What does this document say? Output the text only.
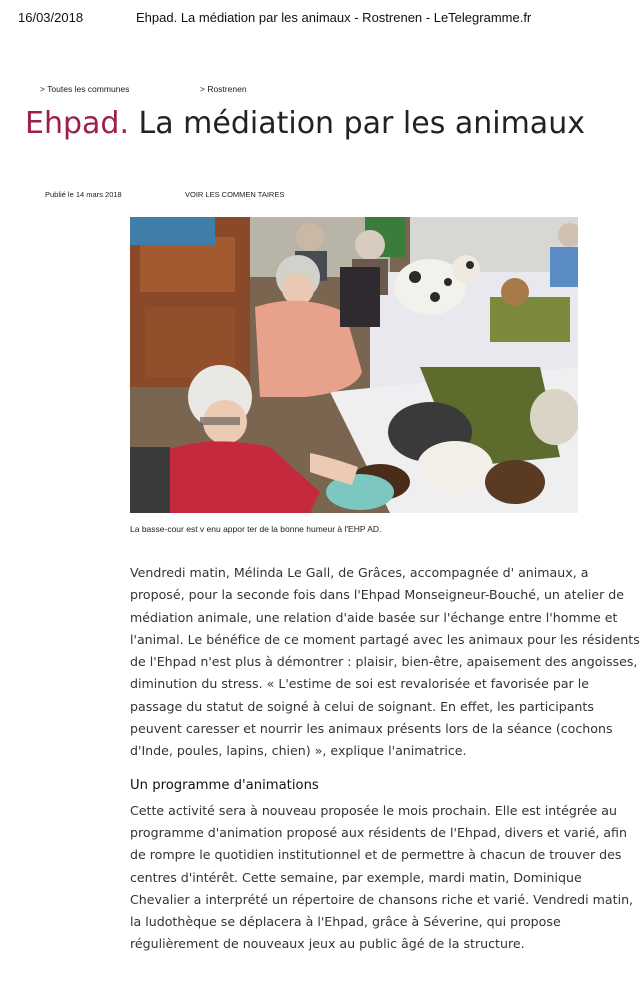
16/03/2018	Ehpad. La médiation par les animaux - Rostrenen - LeTelegramme.fr
> Toutes les communes	> Rostrenen
Ehpad. La médiation par les animaux
Publié le 14 mars 2018	VOIR LES COMMEN TAIRES
La basse-cour est v enu appor ter de la bonne humeur à l'EHP AD.
Vendredi matin, Mélinda Le Gall, de Grâces, accompagnée d' animaux, a
proposé, pour la seconde fois dans l'Ehpad Monseigneur-Bouché, un atelier de
médiation animale, une relation d'aide basée sur l'échange entre l'homme et
l'animal. Le bénéfice de ce moment partagé avec les animaux pour les résidents
de l'Ehpad n'est plus à démontrer : plaisir, bien-être, apaisement des angoisses,
diminution du stress. « L'estime de soi est revalorisée et favorisée par le
passage du statut de soigné à celui de soignant. En effet, les participants
peuvent caresser et nourrir les animaux présents lors de la séance (cochons
d'Inde, poules, lapins, chien) », explique l'animatrice.
Un programme d'animations
Cette activité sera à nouveau proposée le mois prochain. Elle est intégrée au
programme d'animation proposé aux résidents de l'Ehpad, divers et varié, afin
de rompre le quotidien institutionnel et de permettre à chacun de trouver des
centres d'intérêt. Cette semaine, par exemple, mardi matin, Dominique
Chevalier a interprété un répertoire de chansons riche et varié. Vendredi matin,
la ludothèque se déplacera à l'Ehpad, grâce à Séverine, qui propose
régulièrement de nouveaux jeux au public âgé de la structure.
